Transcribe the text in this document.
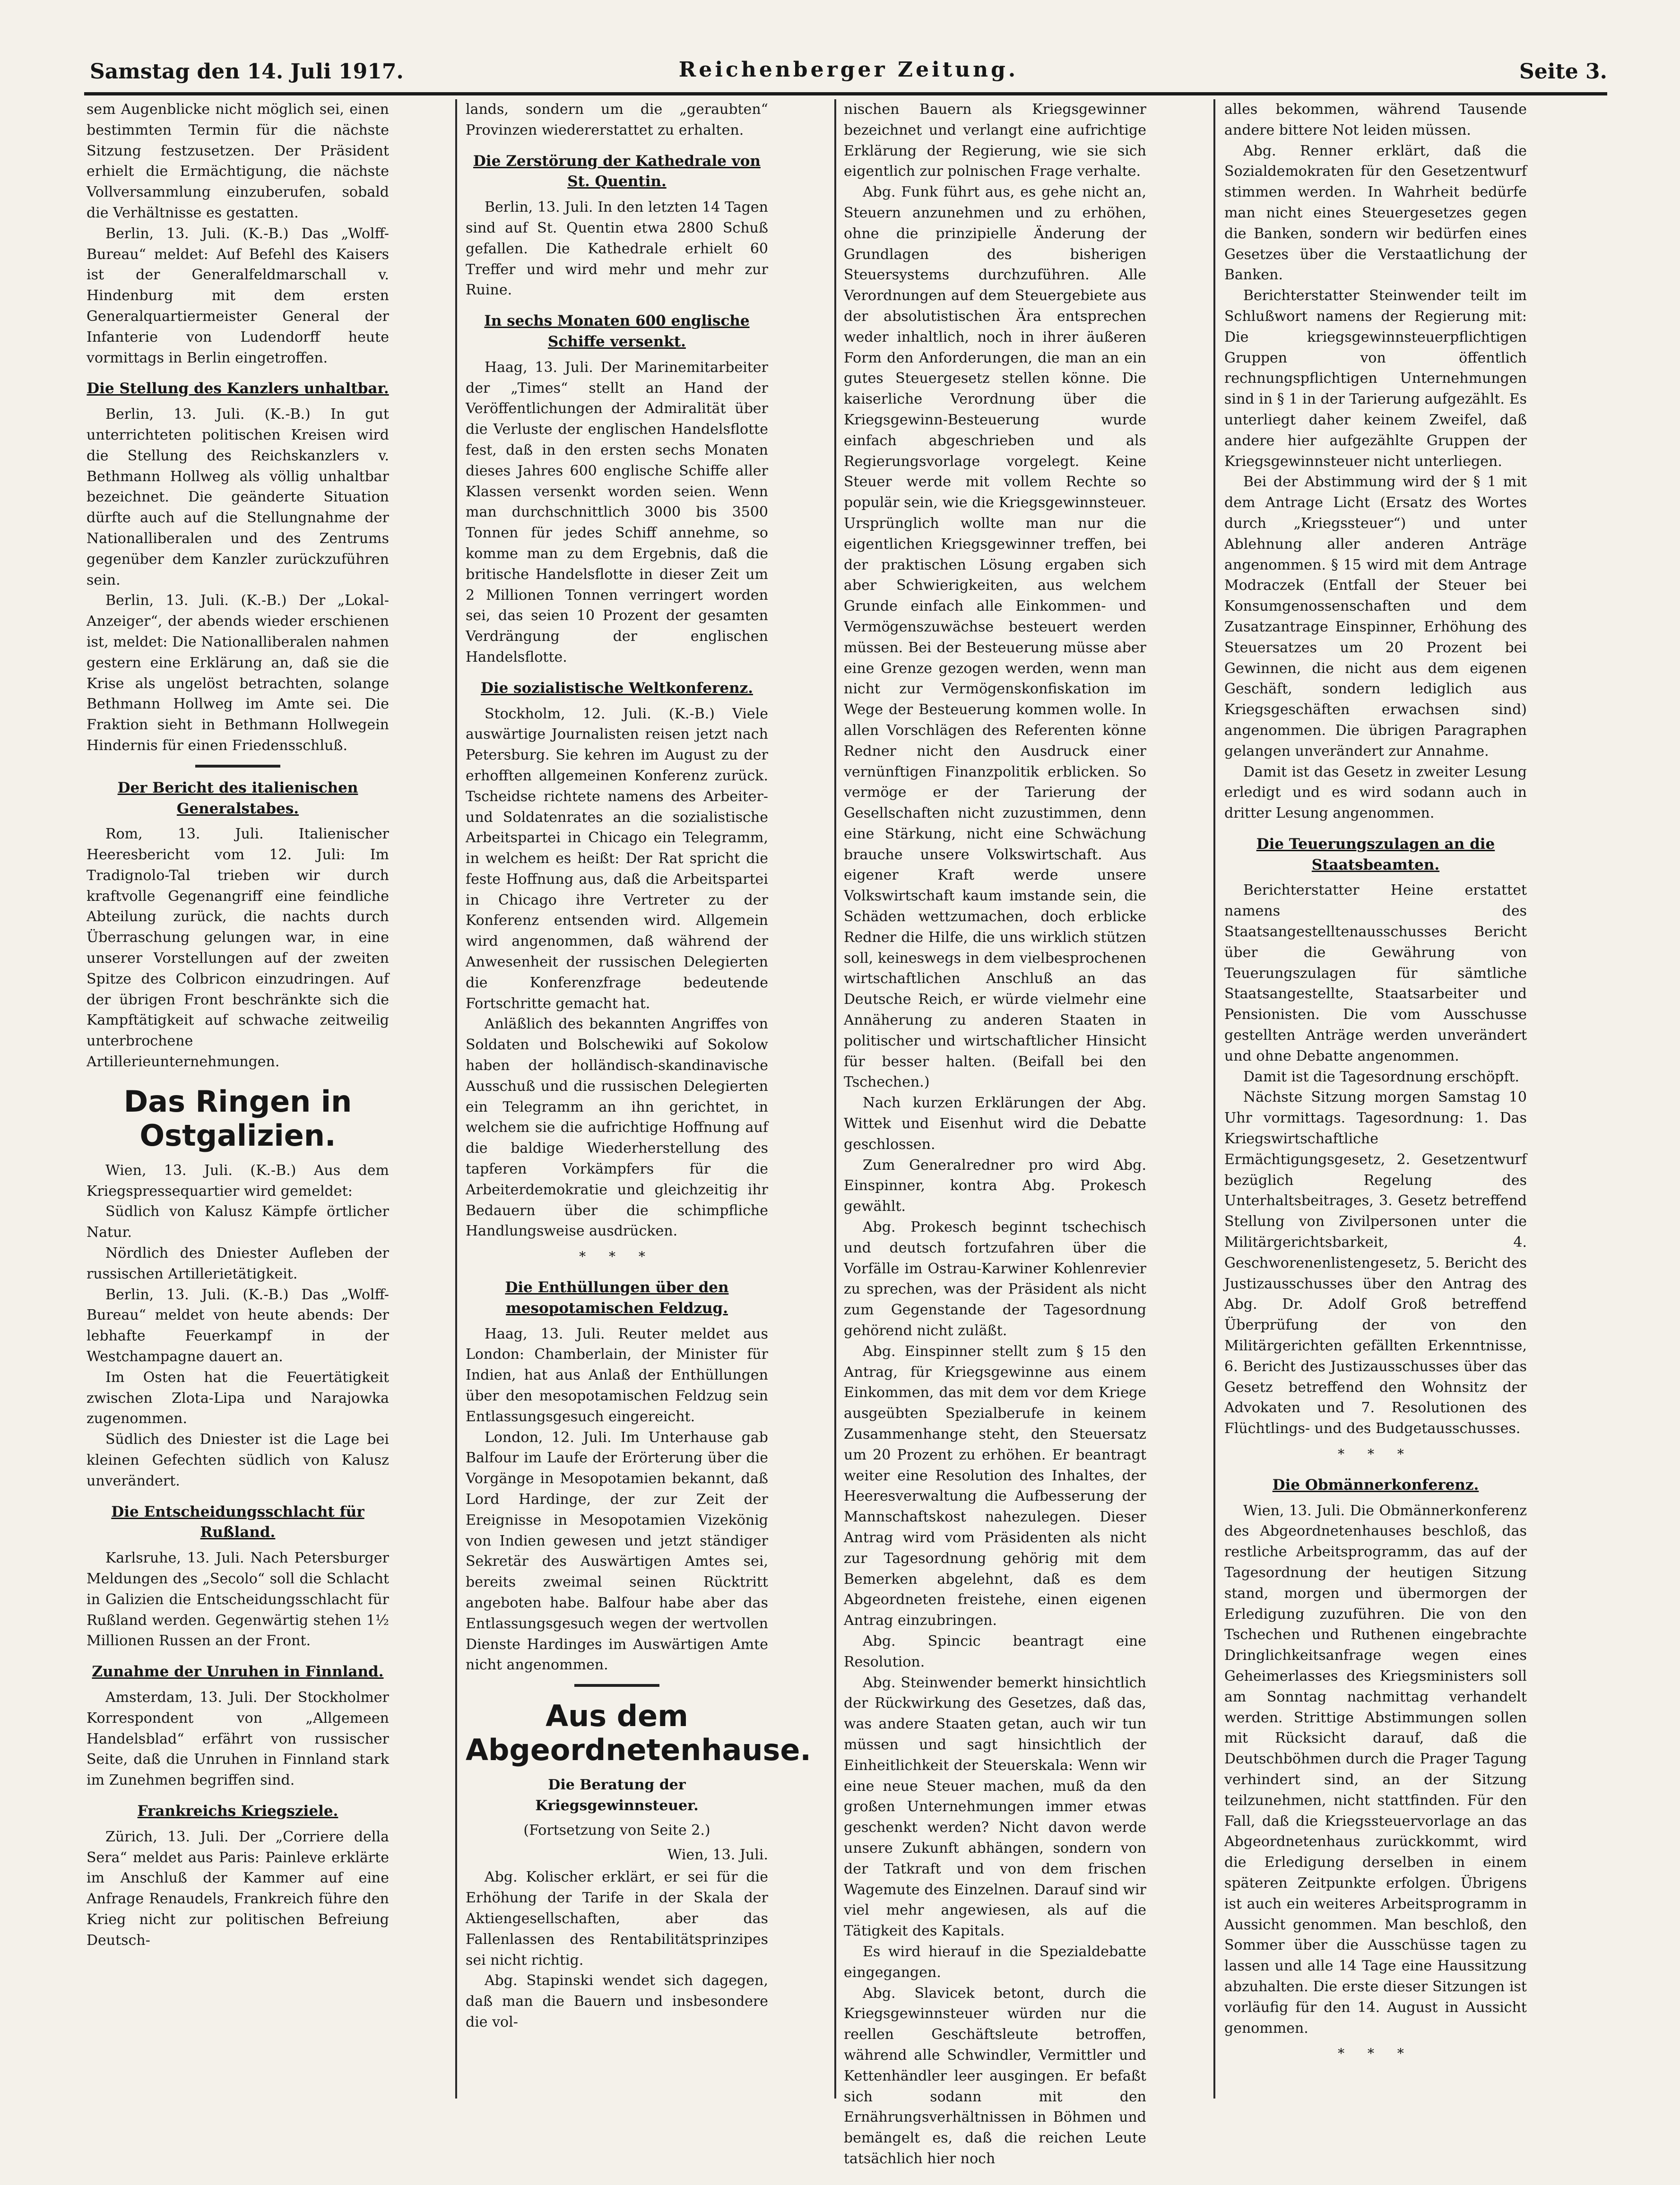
Samstag den 14. Juli 1917.	Reichenberger Zeitung.	Seite 3.

sem Augenblicke nicht möglich sei, einen bestimmten Termin für die nächste Sitzung festzusetzen. Der Präsident erhielt die Ermächtigung, die nächste Vollversammlung einzuberufen, sobald die Verhältnisse es gestatten.

Berlin, 13. Juli. (K.-B.) Das „Wolff-Bureau“ meldet: Auf Befehl des Kaisers ist der Generalfeldmarschall v. Hindenburg mit dem ersten Generalquartiermeister General der Infanterie von Ludendorff heute vormittags in Berlin eingetroffen.

Die Stellung des Kanzlers unhaltbar.

Berlin, 13. Juli. (K.-B.) In gut unterrichteten politischen Kreisen wird die Stellung des Reichskanzlers v. Bethmann Hollweg als völlig unhaltbar bezeichnet. Die geänderte Situation dürfte auch auf die Stellungnahme der Nationalliberalen und des Zentrums gegenüber dem Kanzler zurückzuführen sein.

Berlin, 13. Juli. (K.-B.) Der „Lokal-Anzeiger“, der abends wieder erschienen ist, meldet: Die Nationalliberalen nahmen gestern eine Erklärung an, daß sie die Krise als ungelöst betrachten, solange Bethmann Hollweg im Amte sei. Die Fraktion sieht in Bethmann Hollwegein Hindernis für einen Friedensschluß.

Der Bericht des italienischen Generalstabes.

Rom, 13. Juli. Italienischer Heeresbericht vom 12. Juli: Im Tradignolo-Tal trieben wir durch kraftvolle Gegenangriff eine feindliche Abteilung zurück, die nachts durch Überraschung gelungen war, in eine unserer Vorstellungen auf der zweiten Spitze des Colbricon einzudringen. Auf der übrigen Front beschränkte sich die Kampftätigkeit auf schwache zeitweilig unterbrochene Artillerieunternehmungen.

Das Ringen in Ostgalizien.

Wien, 13. Juli. (K.-B.) Aus dem Kriegspressequartier wird gemeldet:

Südlich von Kalusz Kämpfe örtlicher Natur.

Nördlich des Dniester Aufleben der russischen Artillerietätigkeit.

Berlin, 13. Juli. (K.-B.) Das „Wolff-Bureau“ meldet von heute abends: Der lebhafte Feuerkampf in der Westchampagne dauert an.

Im Osten hat die Feuertätigkeit zwischen Zlota-Lipa und Narajowka zugenommen.

Südlich des Dniester ist die Lage bei kleinen Gefechten südlich von Kalusz unverändert.

Die Entscheidungsschlacht für Rußland.

Karlsruhe, 13. Juli. Nach Petersburger Meldungen des „Secolo“ soll die Schlacht in Galizien die Entscheidungsschlacht für Rußland werden. Gegenwärtig stehen 1½ Millionen Russen an der Front.

Zunahme der Unruhen in Finnland.

Amsterdam, 13. Juli. Der Stockholmer Korrespondent von „Allgemeen Handelsblad“ erfährt von russischer Seite, daß die Unruhen in Finnland stark im Zunehmen begriffen sind.

Frankreichs Kriegsziele.

Zürich, 13. Juli. Der „Corriere della Sera“ meldet aus Paris: Painleve erklärte im Anschluß der Kammer auf eine Anfrage Renaudels, Frankreich führe den Krieg nicht zur politischen Befreiung Deutsch-

lands, sondern um die „geraubten“ Provinzen wiedererstattet zu erhalten.

Die Zerstörung der Kathedrale von St. Quentin.

Berlin, 13. Juli. In den letzten 14 Tagen sind auf St. Quentin etwa 2800 Schuß gefallen. Die Kathedrale erhielt 60 Treffer und wird mehr und mehr zur Ruine.

In sechs Monaten 600 englische Schiffe versenkt.

Haag, 13. Juli. Der Marinemitarbeiter der „Times“ stellt an Hand der Veröffentlichungen der Admiralität über die Verluste der englischen Handelsflotte fest, daß in den ersten sechs Monaten dieses Jahres 600 englische Schiffe aller Klassen versenkt worden seien. Wenn man durchschnittlich 3000 bis 3500 Tonnen für jedes Schiff annehme, so komme man zu dem Ergebnis, daß die britische Handelsflotte in dieser Zeit um 2 Millionen Tonnen verringert worden sei, das seien 10 Prozent der gesamten Verdrängung der englischen Handelsflotte.

Die sozialistische Weltkonferenz.

Stockholm, 12. Juli. (K.-B.) Viele auswärtige Journalisten reisen jetzt nach Petersburg. Sie kehren im August zu der erhofften allgemeinen Konferenz zurück. Tscheidse richtete namens des Arbeiter- und Soldatenrates an die sozialistische Arbeitspartei in Chicago ein Telegramm, in welchem es heißt: Der Rat spricht die feste Hoffnung aus, daß die Arbeitspartei in Chicago ihre Vertreter zu der Konferenz entsenden wird. Allgemein wird angenommen, daß während der Anwesenheit der russischen Delegierten die Konferenzfrage bedeutende Fortschritte gemacht hat.

Anläßlich des bekannten Angriffes von Soldaten und Bolschewiki auf Sokolow haben der holländisch-skandinavische Ausschuß und die russischen Delegierten ein Telegramm an ihn gerichtet, in welchem sie die aufrichtige Hoffnung auf die baldige Wiederherstellung des tapferen Vorkämpfers für die Arbeiterdemokratie und gleichzeitig ihr Bedauern über die schimpfliche Handlungsweise ausdrücken.

* * *
Die Enthüllungen über den mesopotamischen Feldzug.

Haag, 13. Juli. Reuter meldet aus London: Chamberlain, der Minister für Indien, hat aus Anlaß der Enthüllungen über den mesopotamischen Feldzug sein Entlassungsgesuch eingereicht.

London, 12. Juli. Im Unterhause gab Balfour im Laufe der Erörterung über die Vorgänge in Mesopotamien bekannt, daß Lord Hardinge, der zur Zeit der Ereignisse in Mesopotamien Vizekönig von Indien gewesen und jetzt ständiger Sekretär des Auswärtigen Amtes sei, bereits zweimal seinen Rücktritt angeboten habe. Balfour habe aber das Entlassungsgesuch wegen der wertvollen Dienste Hardinges im Auswärtigen Amte nicht angenommen.

Aus dem Abgeordnetenhause.

Die Beratung der Kriegsgewinnsteuer.

(Fortsetzung von Seite 2.)

Wien, 13. Juli.

Abg. Kolischer erklärt, er sei für die Erhöhung der Tarife in der Skala der Aktiengesellschaften, aber das Fallenlassen des Rentabilitätsprinzipes sei nicht richtig.

Abg. Stapinski wendet sich dagegen, daß man die Bauern und insbesondere die vol-

nischen Bauern als Kriegsgewinner bezeichnet und verlangt eine aufrichtige Erklärung der Regierung, wie sie sich eigentlich zur polnischen Frage verhalte.

Abg. Funk führt aus, es gehe nicht an, Steuern anzunehmen und zu erhöhen, ohne die prinzipielle Änderung der Grundlagen des bisherigen Steuersystems durchzuführen. Alle Verordnungen auf dem Steuergebiete aus der absolutistischen Ära entsprechen weder inhaltlich, noch in ihrer äußeren Form den Anforderungen, die man an ein gutes Steuergesetz stellen könne. Die kaiserliche Verordnung über die Kriegsgewinn-Besteuerung wurde einfach abgeschrieben und als Regierungsvorlage vorgelegt. Keine Steuer werde mit vollem Rechte so populär sein, wie die Kriegsgewinnsteuer. Ursprünglich wollte man nur die eigentlichen Kriegsgewinner treffen, bei der praktischen Lösung ergaben sich aber Schwierigkeiten, aus welchem Grunde einfach alle Einkommen- und Vermögenszuwächse besteuert werden müssen. Bei der Besteuerung müsse aber eine Grenze gezogen werden, wenn man nicht zur Vermögenskonfiskation im Wege der Besteuerung kommen wolle. In allen Vorschlägen des Referenten könne Redner nicht den Ausdruck einer vernünftigen Finanzpolitik erblicken. So vermöge er der Tarierung der Gesellschaften nicht zuzustimmen, denn eine Stärkung, nicht eine Schwächung brauche unsere Volkswirtschaft. Aus eigener Kraft werde unsere Volkswirtschaft kaum imstande sein, die Schäden wettzumachen, doch erblicke Redner die Hilfe, die uns wirklich stützen soll, keineswegs in dem vielbesprochenen wirtschaftlichen Anschluß an das Deutsche Reich, er würde vielmehr eine Annäherung zu anderen Staaten in politischer und wirtschaftlicher Hinsicht für besser halten. (Beifall bei den Tschechen.)

Nach kurzen Erklärungen der Abg. Wittek und Eisenhut wird die Debatte geschlossen.

Zum Generalredner pro wird Abg. Einspinner, kontra Abg. Prokesch gewählt.

Abg. Prokesch beginnt tschechisch und deutsch fortzufahren über die Vorfälle im Ostrau-Karwiner Kohlenrevier zu sprechen, was der Präsident als nicht zum Gegenstande der Tagesordnung gehörend nicht zuläßt.

Abg. Einspinner stellt zum § 15 den Antrag, für Kriegsgewinne aus einem Einkommen, das mit dem vor dem Kriege ausgeübten Spezialberufe in keinem Zusammenhange steht, den Steuersatz um 20 Prozent zu erhöhen. Er beantragt weiter eine Resolution des Inhaltes, der Heeresverwaltung die Aufbesserung der Mannschaftskost nahezulegen. Dieser Antrag wird vom Präsidenten als nicht zur Tagesordnung gehörig mit dem Bemerken abgelehnt, daß es dem Abgeordneten freistehe, einen eigenen Antrag einzubringen.

Abg. Spincic beantragt eine Resolution.

Abg. Steinwender bemerkt hinsichtlich der Rückwirkung des Gesetzes, daß das, was andere Staaten getan, auch wir tun müssen und sagt hinsichtlich der Einheitlichkeit der Steuerskala: Wenn wir eine neue Steuer machen, muß da den großen Unternehmungen immer etwas geschenkt werden? Nicht davon werde unsere Zukunft abhängen, sondern von der Tatkraft und von dem frischen Wagemute des Einzelnen. Darauf sind wir viel mehr angewiesen, als auf die Tätigkeit des Kapitals.

Es wird hierauf in die Spezialdebatte eingegangen.

Abg. Slavicek betont, durch die Kriegsgewinnsteuer würden nur die reellen Geschäftsleute betroffen, während alle Schwindler, Vermittler und Kettenhändler leer ausgingen. Er befaßt sich sodann mit den Ernährungsverhältnissen in Böhmen und bemängelt es, daß die reichen Leute tatsächlich hier noch

alles bekommen, während Tausende andere bittere Not leiden müssen.

Abg. Renner erklärt, daß die Sozialdemokraten für den Gesetzentwurf stimmen werden. In Wahrheit bedürfe man nicht eines Steuergesetzes gegen die Banken, sondern wir bedürfen eines Gesetzes über die Verstaatlichung der Banken.

Berichterstatter Steinwender teilt im Schlußwort namens der Regierung mit: Die kriegsgewinnsteuerpflichtigen Gruppen von öffentlich rechnungspflichtigen Unternehmungen sind in § 1 in der Tarierung aufgezählt. Es unterliegt daher keinem Zweifel, daß andere hier aufgezählte Gruppen der Kriegsgewinnsteuer nicht unterliegen.

Bei der Abstimmung wird der § 1 mit dem Antrage Licht (Ersatz des Wortes durch „Kriegssteuer“) und unter Ablehnung aller anderen Anträge angenommen. § 15 wird mit dem Antrage Modraczek (Entfall der Steuer bei Konsumgenossenschaften und dem Zusatzantrage Einspinner, Erhöhung des Steuersatzes um 20 Prozent bei Gewinnen, die nicht aus dem eigenen Geschäft, sondern lediglich aus Kriegsgeschäften erwachsen sind) angenommen. Die übrigen Paragraphen gelangen unverändert zur Annahme.

Damit ist das Gesetz in zweiter Lesung erledigt und es wird sodann auch in dritter Lesung angenommen.

Die Teuerungszulagen an die Staatsbeamten.

Berichterstatter Heine erstattet namens des Staatsangestelltenausschusses Bericht über die Gewährung von Teuerungszulagen für sämtliche Staatsangestellte, Staatsarbeiter und Pensionisten. Die vom Ausschusse gestellten Anträge werden unverändert und ohne Debatte angenommen.

Damit ist die Tagesordnung erschöpft.

Nächste Sitzung morgen Samstag 10 Uhr vormittags. Tagesordnung: 1. Das Kriegswirtschaftliche Ermächtigungsgesetz, 2. Gesetzentwurf bezüglich Regelung des Unterhaltsbeitrages, 3. Gesetz betreffend Stellung von Zivilpersonen unter die Militärgerichtsbarkeit, 4. Geschworenenlistengesetz, 5. Bericht des Justizausschusses über den Antrag des Abg. Dr. Adolf Groß betreffend Überprüfung der von den Militärgerichten gefällten Erkenntnisse, 6. Bericht des Justizausschusses über das Gesetz betreffend den Wohnsitz der Advokaten und 7. Resolutionen des Flüchtlings- und des Budgetausschusses.

* * *
Die Obmännerkonferenz.

Wien, 13. Juli. Die Obmännerkonferenz des Abgeordnetenhauses beschloß, das restliche Arbeitsprogramm, das auf der Tagesordnung der heutigen Sitzung stand, morgen und übermorgen der Erledigung zuzuführen. Die von den Tschechen und Ruthenen eingebrachte Dringlichkeitsanfrage wegen eines Geheimerlasses des Kriegsministers soll am Sonntag nachmittag verhandelt werden. Strittige Abstimmungen sollen mit Rücksicht darauf, daß die Deutschböhmen durch die Prager Tagung verhindert sind, an der Sitzung teilzunehmen, nicht stattfinden. Für den Fall, daß die Kriegssteuervorlage an das Abgeordnetenhaus zurückkommt, wird die Erledigung derselben in einem späteren Zeitpunkte erfolgen. Übrigens ist auch ein weiteres Arbeitsprogramm in Aussicht genommen. Man beschloß, den Sommer über die Ausschüsse tagen zu lassen und alle 14 Tage eine Haussitzung abzuhalten. Die erste dieser Sitzungen ist vorläufig für den 14. August in Aussicht genommen.

* * *
